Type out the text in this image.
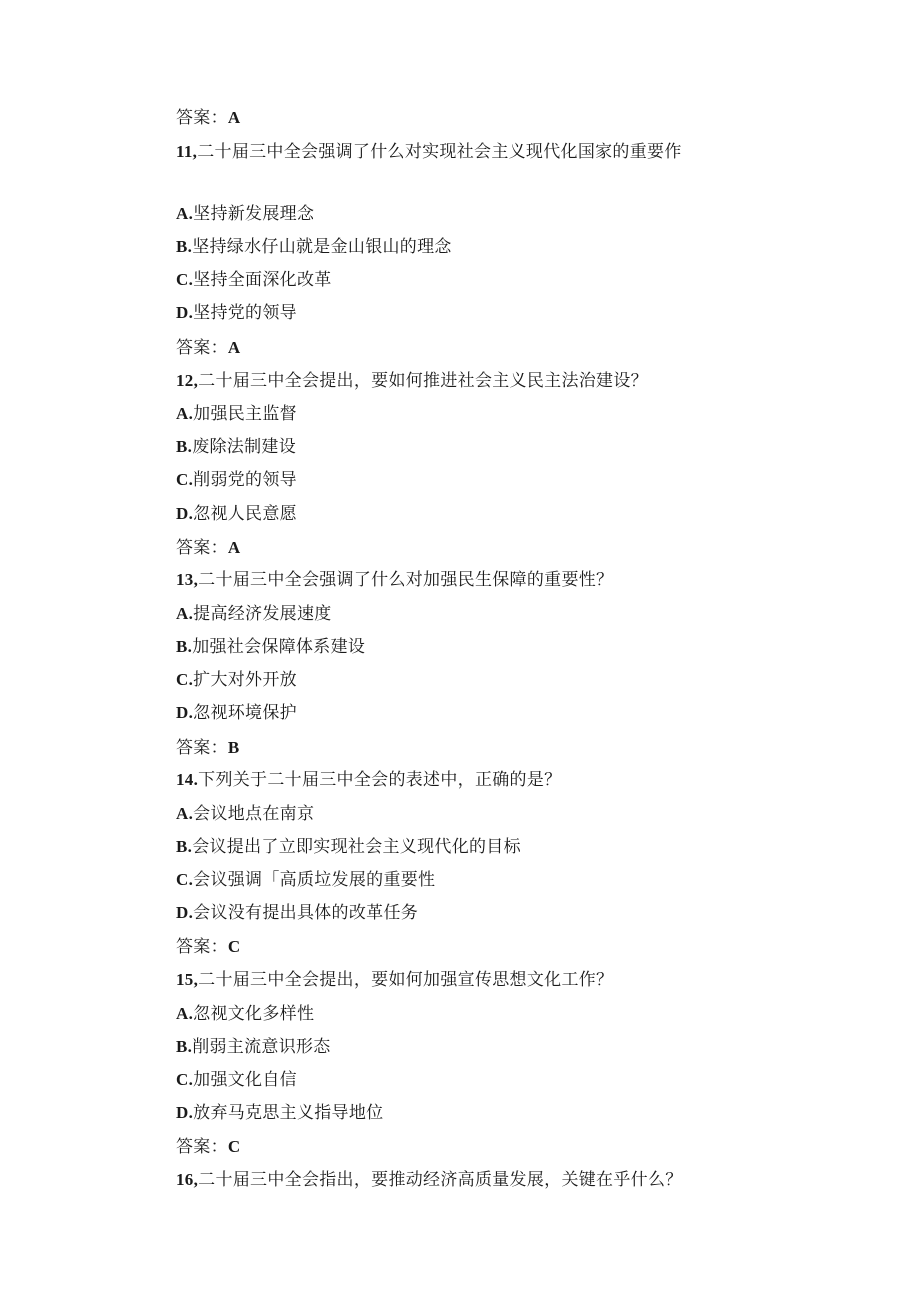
答案：A
11,二十届三中全会强调了什么对实现社会主义现代化国家的重要作
A.坚持新发展理念
B.坚持绿水仔山就是金山银山的理念
C.坚持全面深化改革
D.坚持党的领导
答案：A
12,二十届三中全会提出，要如何推进社会主义民主法治建设？
A.加强民主监督
B.废除法制建设
C.削弱党的领导
D.忽视人民意愿
答案：A
13,二十届三中全会强调了什么对加强民生保障的重要性？
A.提高经济发展速度
B.加强社会保障体系建设
C.扩大对外开放
D.忽视环境保护
答案：B
14.下列关于二十届三中全会的表述中，正确的是？
A.会议地点在南京
B.会议提出了立即实现社会主义现代化的目标
C.会议强调「高质垃发展的重要性
D.会议没有提出具体的改革任务
答案：C
15,二十届三中全会提出，要如何加强宣传思想文化工作？
A.忽视文化多样性
B.削弱主流意识形态
C.加强文化自信
D.放弃马克思主义指导地位
答案：C
16,二十届三中全会指出，要推动经济高质量发展，关键在乎什么？
